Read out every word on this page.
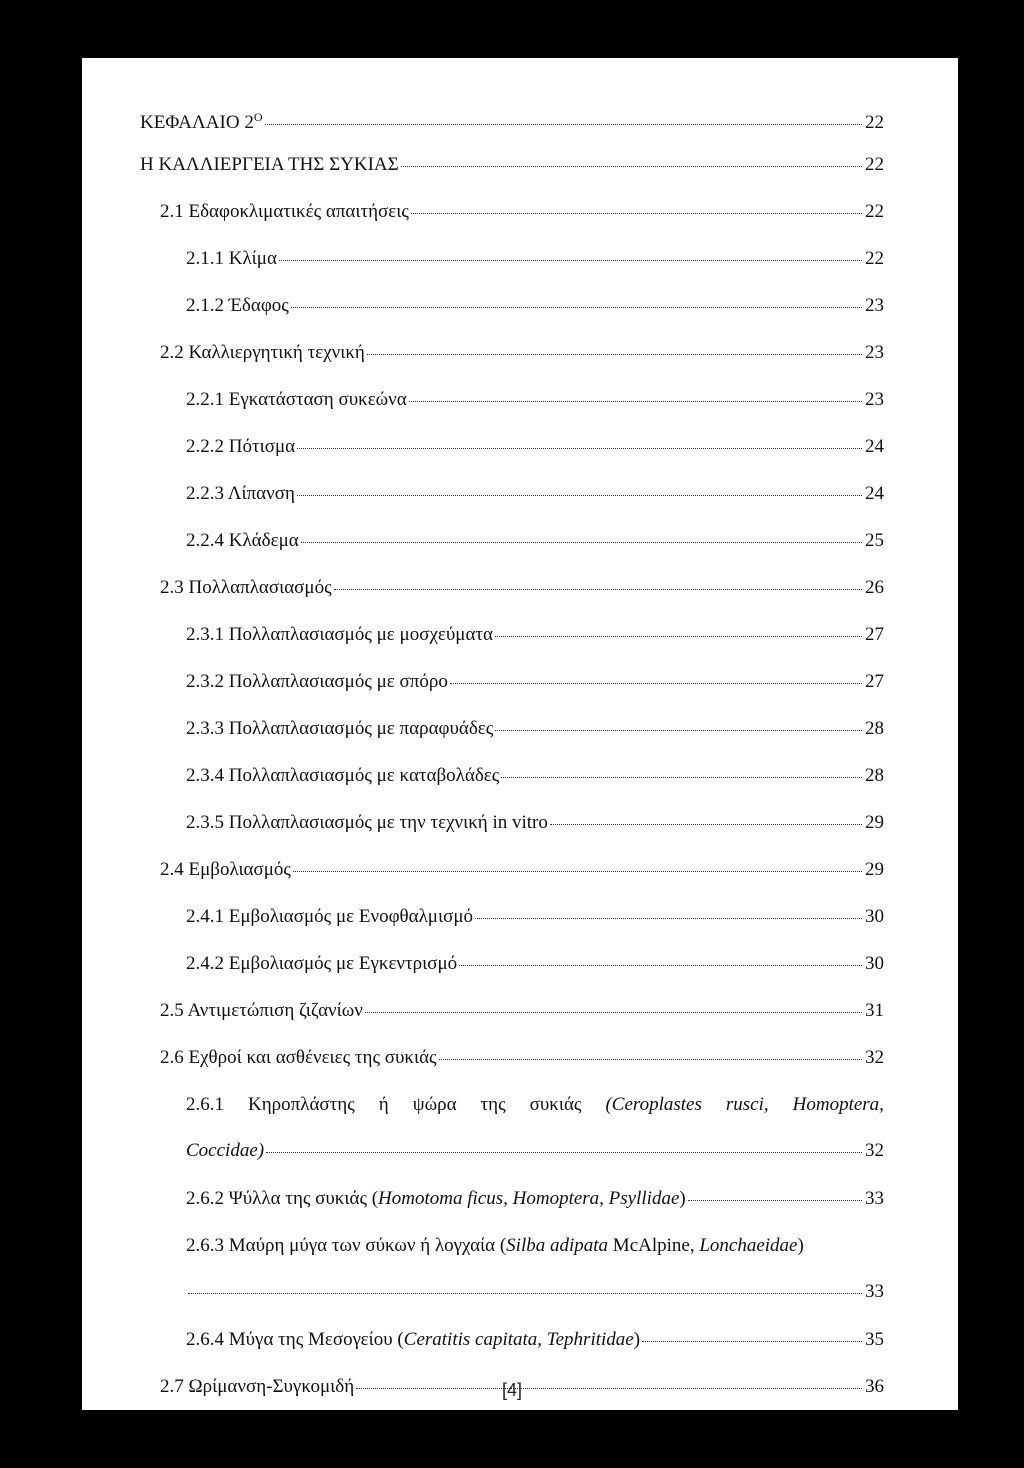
ΚΕΦΑΛΑΙΟ $2^O$	22
Η ΚΑΛΛΙΕΡΓΕΙΑ ΤΗΣ ΣΥΚΙΑΣ	22
2.1 Εδαφοκλιματικές απαιτήσεις	22
2.1.1 Κλίμα	22
2.1.2 Έδαφος	23
2.2 Καλλιεργητική τεχνική	23
2.2.1 Εγκατάσταση συκεώνα	23
2.2.2 Πότισμα	24
2.2.3 Λίπανση	24
2.2.4 Κλάδεμα	25
2.3 Πολλαπλασιασμός	26
2.3.1 Πολλαπλασιασμός με μοσχεύματα	27
2.3.2 Πολλαπλασιασμός με σπόρο	27
2.3.3 Πολλαπλασιασμός με παραφυάδες	28
2.3.4 Πολλαπλασιασμός με καταβολάδες	28
2.3.5 Πολλαπλασιασμός με την τεχνική in vitro	29
2.4 Εμβολιασμός	29
2.4.1 Εμβολιασμός με Ενοφθαλμισμό	30
2.4.2 Εμβολιασμός με Εγκεντρισμό	30
2.5 Αντιμετώπιση ζιζανίων	31
2.6 Εχθροί και ασθένειες της συκιάς	32
2.6.1 Κηροπλάστης ή ψώρα της συκιάς (Ceroplastes rusci, Homoptera,
Coccidae)	32
2.6.2 Ψύλλα της συκιάς (Homotoma ficus, Homoptera, Psyllidae)	33
2.6.3 Μαύρη μύγα των σύκων ή λογχαία (Silba adipata McAlpine, Lonchaeidae)
33
2.6.4 Μύγα της Μεσογείου (Ceratitis capitata, Tephritidae)	35
2.7 Ωρίμανση-Συγκομιδή	36
[4]
